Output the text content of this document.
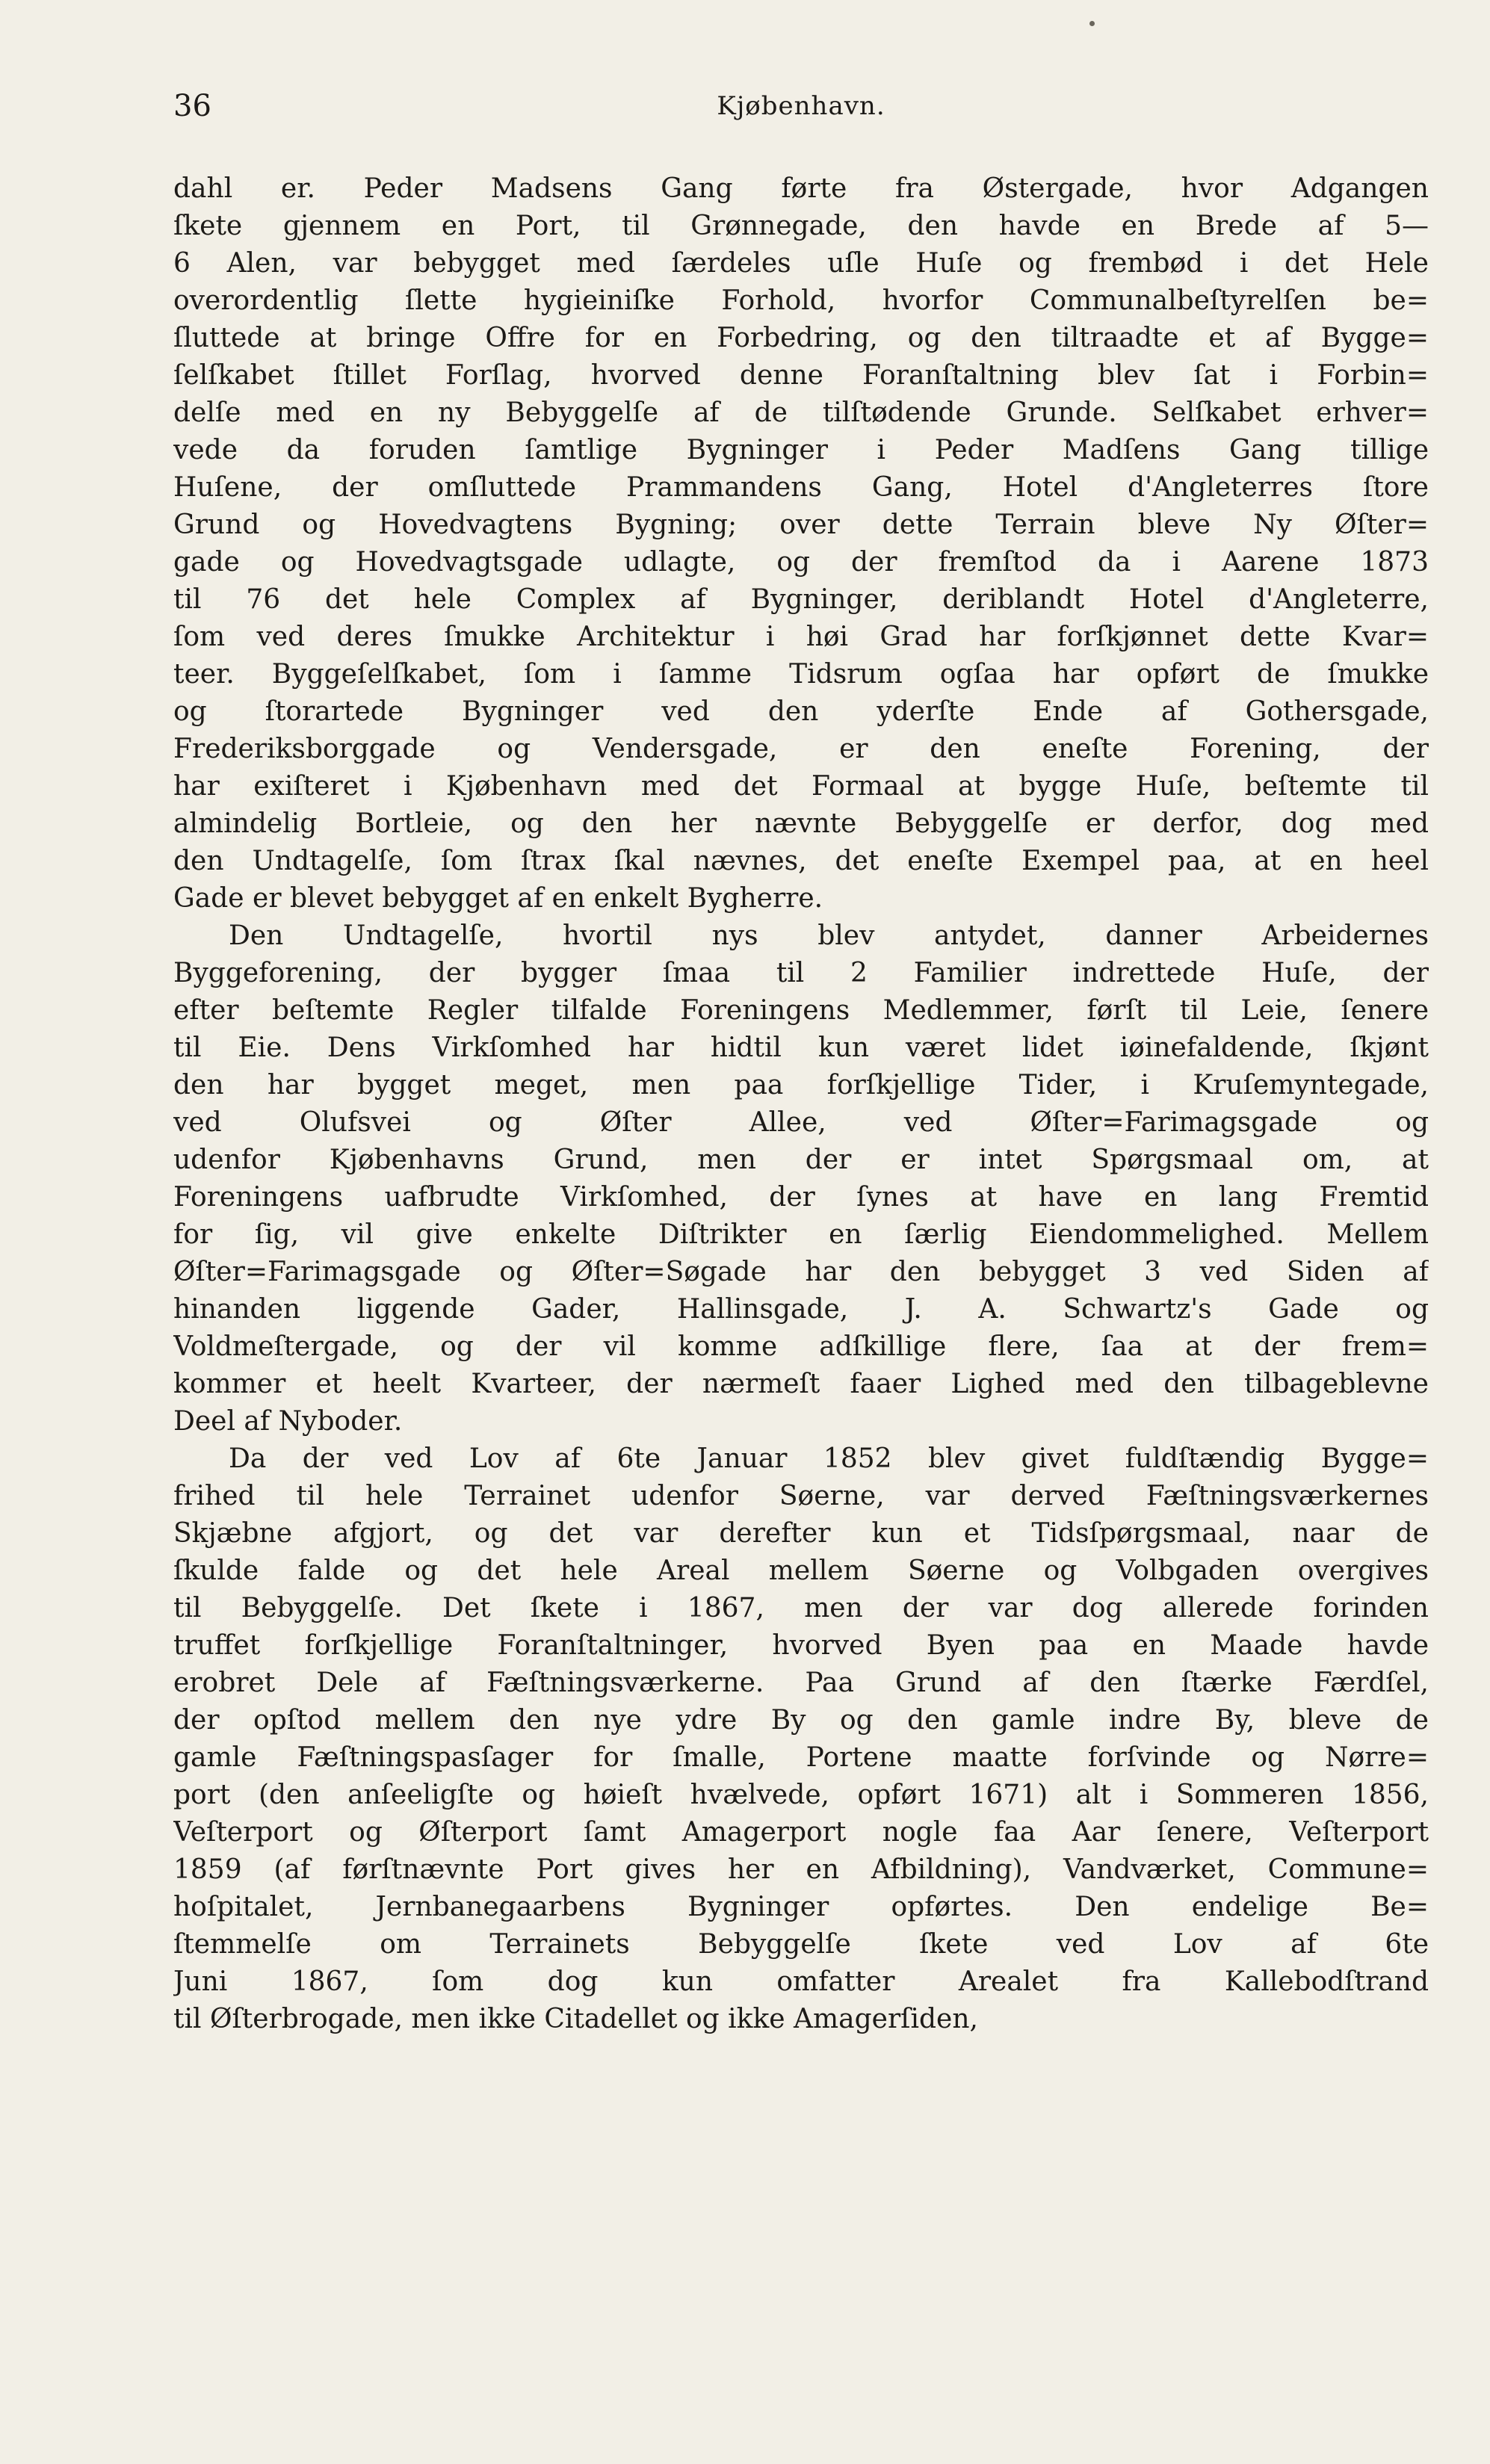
36	Kjøbenhavn.
dahl er. Peder Madsens Gang førte fra Østergade, hvor Adgangen
ſkete gjennem en Port, til Grønnegade, den havde en Brede af 5—
6 Alen, var bebygget med ſærdeles uſle Huſe og frembød i det Hele
overordentlig ſlette hygieiniſke Forhold, hvorfor Communalbeſtyrelſen be=
ſluttede at bringe Offre for en Forbedring, og den tiltraadte et af Bygge=
ſelſkabet ſtillet Forſlag, hvorved denne Foranſtaltning blev ſat i Forbin=
delſe med en ny Bebyggelſe af de tilſtødende Grunde. Selſkabet erhver=
vede da foruden ſamtlige Bygninger i Peder Madſens Gang tillige
Huſene, der omſluttede Prammandens Gang, Hotel d'Angleterres ſtore
Grund og Hovedvagtens Bygning; over dette Terrain bleve Ny Øſter=
gade og Hovedvagtsgade udlagte, og der fremſtod da i Aarene 1873
til 76 det hele Complex af Bygninger, deriblandt Hotel d'Angleterre,
ſom ved deres ſmukke Architektur i høi Grad har forſkjønnet dette Kvar=
teer. Byggeſelſkabet, ſom i ſamme Tidsrum ogſaa har opført de ſmukke
og ſtorartede Bygninger ved den yderſte Ende af Gothersgade,
Frederiksborggade og Vendersgade, er den eneſte Forening, der
har exiſteret i Kjøbenhavn med det Formaal at bygge Huſe, beſtemte til
almindelig Bortleie, og den her nævnte Bebyggelſe er derfor, dog med
den Undtagelſe, ſom ſtrax ſkal nævnes, det eneſte Exempel paa, at en heel
Gade er blevet bebygget af en enkelt Bygherre.
Den Undtagelſe, hvortil nys blev antydet, danner Arbeidernes
Byggeforening, der bygger ſmaa til 2 Familier indrettede Huſe, der
efter beſtemte Regler tilfalde Foreningens Medlemmer, førſt til Leie, ſenere
til Eie. Dens Virkſomhed har hidtil kun været lidet iøinefaldende, ſkjønt
den har bygget meget, men paa forſkjellige Tider, i Kruſemyntegade,
ved Olufsvei og Øſter Allee, ved Øſter=Farimagsgade og
udenfor Kjøbenhavns Grund, men der er intet Spørgsmaal om, at
Foreningens uafbrudte Virkſomhed, der ſynes at have en lang Fremtid
for ſig, vil give enkelte Diſtrikter en ſærlig Eiendommelighed. Mellem
Øſter=Farimagsgade og Øſter=Søgade har den bebygget 3 ved Siden af
hinanden liggende Gader, Hallinsgade, J. A. Schwartz's Gade og
Voldmeſtergade, og der vil komme adſkillige flere, ſaa at der frem=
kommer et heelt Kvarteer, der nærmeſt faaer Lighed med den tilbageblevne
Deel af Nyboder.
Da der ved Lov af 6te Januar 1852 blev givet fuldſtændig Bygge=
frihed til hele Terrainet udenfor Søerne, var derved Fæſtningsværkernes
Skjæbne afgjort, og det var derefter kun et Tidsſpørgsmaal, naar de
ſkulde falde og det hele Areal mellem Søerne og Volbgaden overgives
til Bebyggelſe. Det ſkete i 1867, men der var dog allerede forinden
truffet forſkjellige Foranſtaltninger, hvorved Byen paa en Maade havde
erobret Dele af Fæſtningsværkerne. Paa Grund af den ſtærke Færdſel,
der opſtod mellem den nye ydre By og den gamle indre By, bleve de
gamle Fæſtningspasſager for ſmalle, Portene maatte forſvinde og Nørre=
port (den anſeeligſte og høieſt hvælvede, opført 1671) alt i Sommeren 1856,
Veſterport og Øſterport ſamt Amagerport nogle faa Aar ſenere, Veſterport
1859 (af førſtnævnte Port gives her en Afbildning), Vandværket, Commune=
hoſpitalet, Jernbanegaarbens Bygninger opførtes. Den endelige Be=
ſtemmelſe om Terrainets Bebyggelſe ſkete ved Lov af 6te
Juni 1867, ſom dog kun omfatter Arealet fra Kallebodſtrand
til Øſterbrogade, men ikke Citadellet og ikke Amagerſiden,
